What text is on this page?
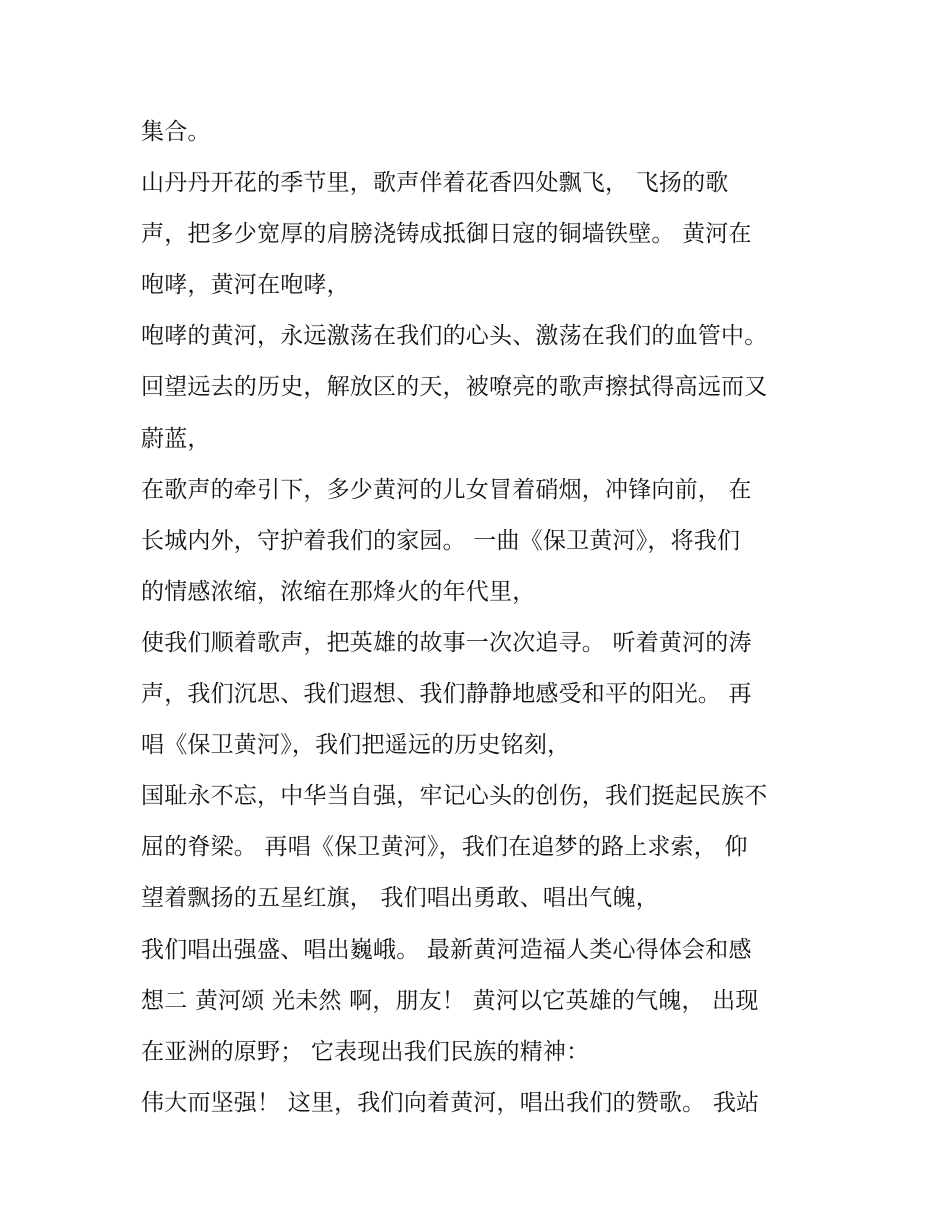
集合。
山丹丹开花的季节里，歌声伴着花香四处飘飞， 飞扬的歌
声，把多少宽厚的肩膀浇铸成抵御日寇的铜墙铁壁。 黄河在
咆哮，黄河在咆哮，
咆哮的黄河，永远激荡在我们的心头、激荡在我们的血管中。
回望远去的历史，解放区的天，被嘹亮的歌声擦拭得高远而又
蔚蓝，
在歌声的牵引下，多少黄河的儿女冒着硝烟，冲锋向前， 在
长城内外，守护着我们的家园。 一曲《保卫黄河》，将我们
的情感浓缩，浓缩在那烽火的年代里，
使我们顺着歌声，把英雄的故事一次次追寻。 听着黄河的涛
声，我们沉思、我们遐想、我们静静地感受和平的阳光。 再
唱《保卫黄河》，我们把遥远的历史铭刻，
国耻永不忘，中华当自强，牢记心头的创伤，我们挺起民族不
屈的脊梁。 再唱《保卫黄河》，我们在追梦的路上求索， 仰
望着飘扬的五星红旗， 我们唱出勇敢、唱出气魄，
我们唱出强盛、唱出巍峨。 最新黄河造福人类心得体会和感
想二 黄河颂 光未然 啊，朋友！ 黄河以它英雄的气魄， 出现
在亚洲的原野； 它表现出我们民族的精神：
伟大而坚强！ 这里，我们向着黄河，唱出我们的赞歌。 我站
